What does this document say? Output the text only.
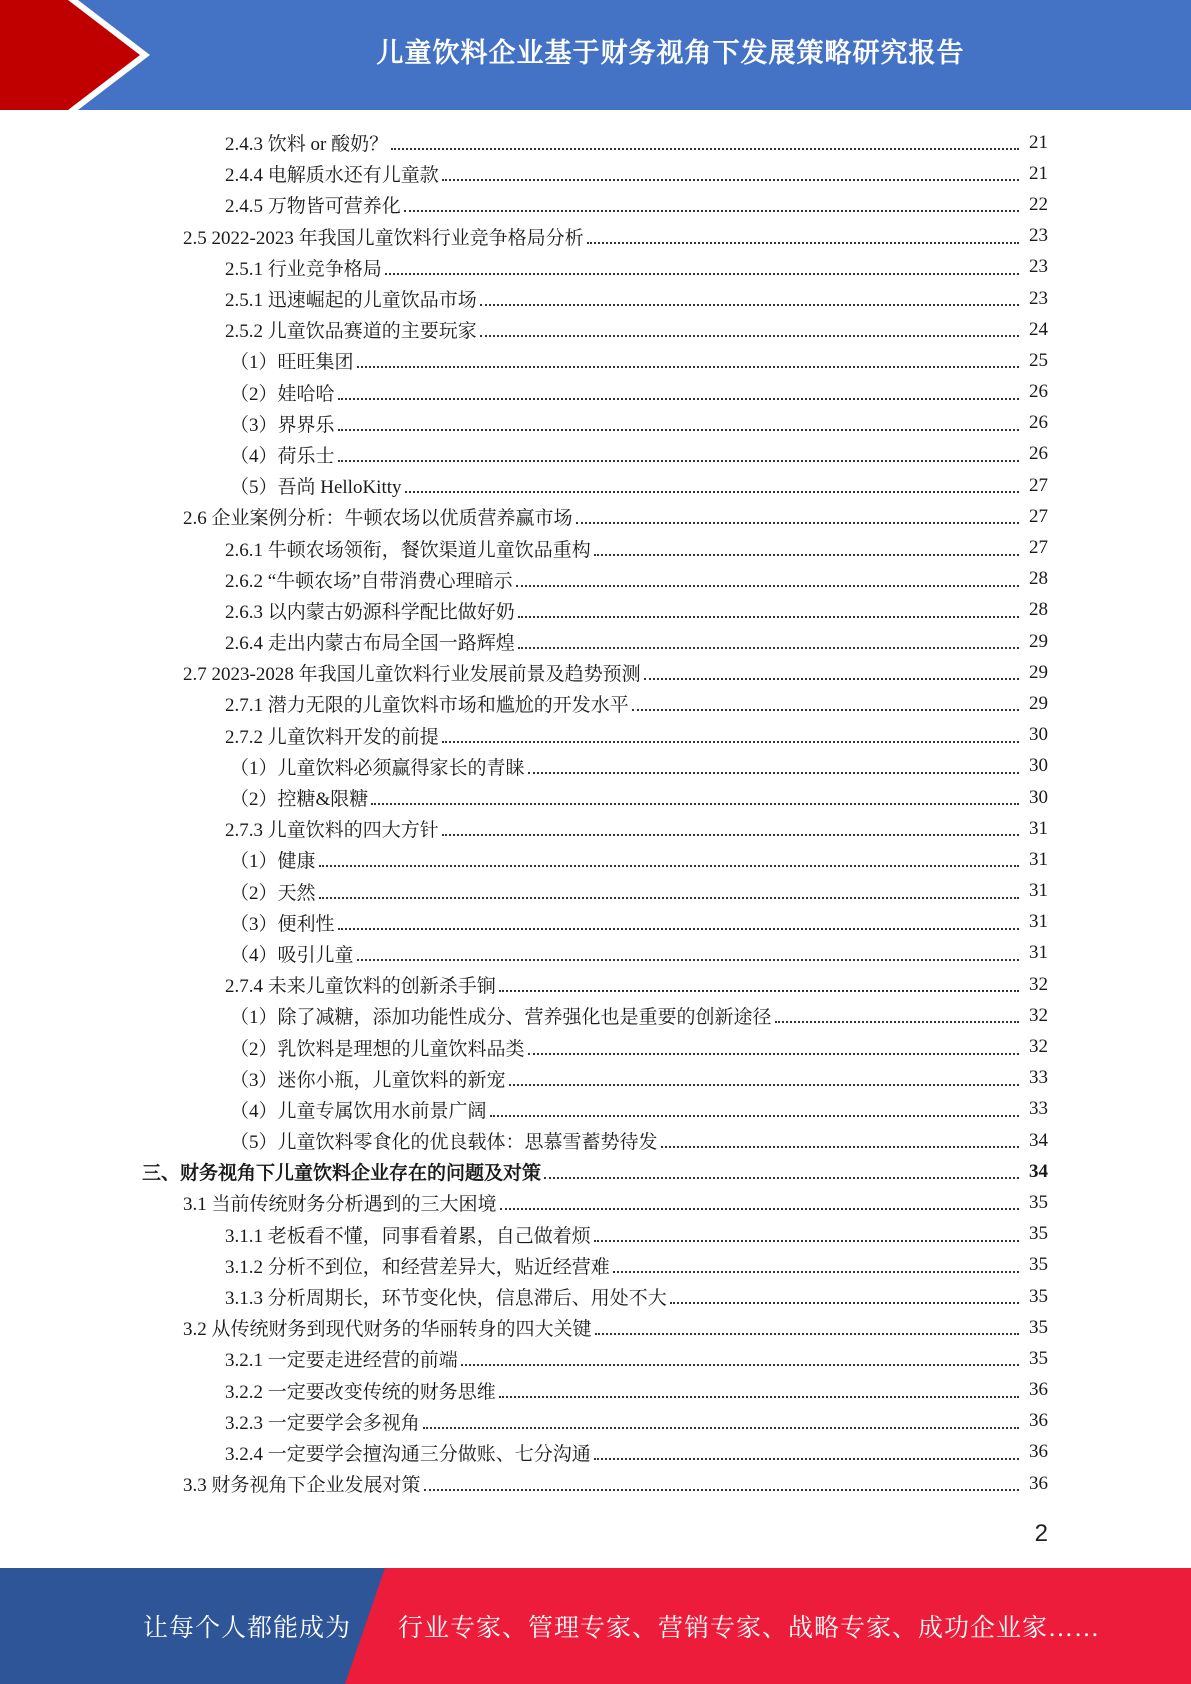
儿童饮料企业基于财务视角下发展策略研究报告
2.4.3 饮料 or 酸奶？	21
2.4.4 电解质水还有儿童款	21
2.4.5 万物皆可营养化	22
2.5 2022-2023 年我国儿童饮料行业竞争格局分析	23
2.5.1 行业竞争格局	23
2.5.1 迅速崛起的儿童饮品市场	23
2.5.2 儿童饮品赛道的主要玩家	24
（1）旺旺集团	25
（2）娃哈哈	26
（3）界界乐	26
（4）荷乐士	26
（5）吾尚 HelloKitty	27
2.6 企业案例分析：牛顿农场以优质营养赢市场	27
2.6.1 牛顿农场领衔，餐饮渠道儿童饮品重构	27
2.6.2 “牛顿农场”自带消费心理暗示	28
2.6.3 以内蒙古奶源科学配比做好奶	28
2.6.4 走出内蒙古布局全国一路辉煌	29
2.7 2023-2028 年我国儿童饮料行业发展前景及趋势预测	29
2.7.1 潜力无限的儿童饮料市场和尴尬的开发水平	29
2.7.2 儿童饮料开发的前提	30
（1）儿童饮料必须赢得家长的青睐	30
（2）控糖&限糖	30
2.7.3 儿童饮料的四大方针	31
（1）健康	31
（2）天然	31
（3）便利性	31
（4）吸引儿童	31
2.7.4 未来儿童饮料的创新杀手锏	32
（1）除了减糖，添加功能性成分、营养强化也是重要的创新途径	32
（2）乳饮料是理想的儿童饮料品类	32
（3）迷你小瓶，儿童饮料的新宠	33
（4）儿童专属饮用水前景广阔	33
（5）儿童饮料零食化的优良载体：思慕雪蓄势待发	34
三、财务视角下儿童饮料企业存在的问题及对策	34
3.1 当前传统财务分析遇到的三大困境	35
3.1.1 老板看不懂，同事看着累，自己做着烦	35
3.1.2 分析不到位，和经营差异大，贴近经营难	35
3.1.3 分析周期长，环节变化快，信息滞后、用处不大	35
3.2 从传统财务到现代财务的华丽转身的四大关键	35
3.2.1 一定要走进经营的前端	35
3.2.2 一定要改变传统的财务思维	36
3.2.3 一定要学会多视角	36
3.2.4 一定要学会擅沟通三分做账、七分沟通	36
3.3 财务视角下企业发展对策	36
2
让每个人都能成为 行业专家、管理专家、营销专家、战略专家、成功企业家……
